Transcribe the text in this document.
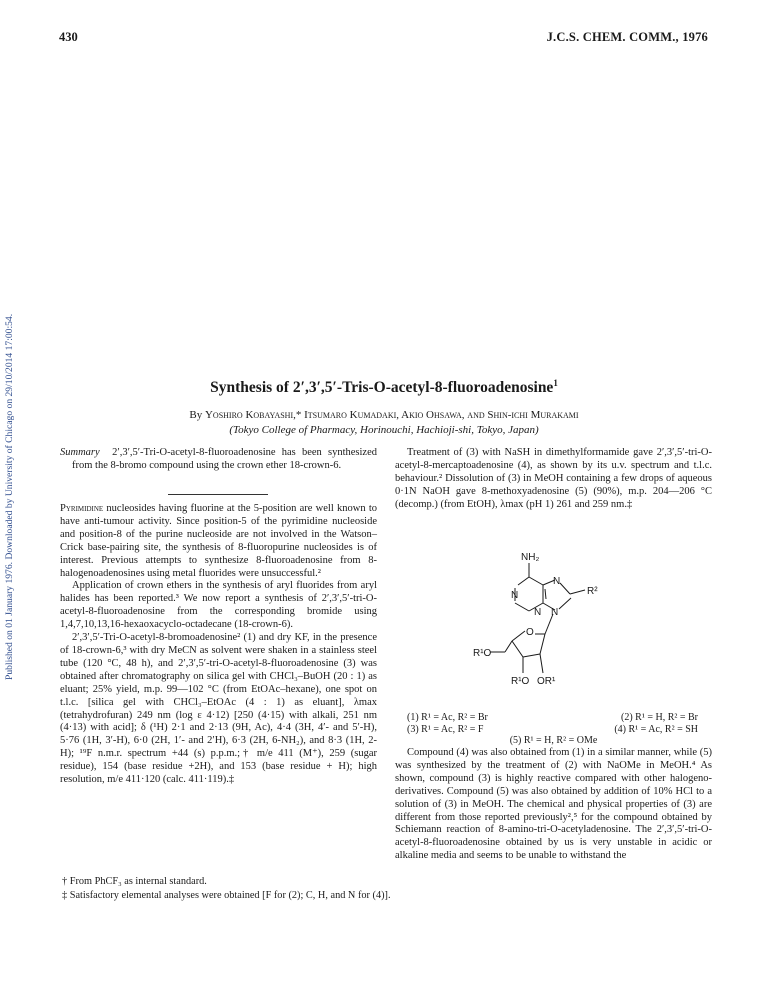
430	J.C.S. CHEM. COMM., 1976
Published on 01 January 1976. Downloaded by University of Chicago on 29/10/2014 17:00:54.	Synthesis of 2′,3′,5′-Tris-O-acetyl-8-fluoroadenosine$^1$
By Yoshiro Kobayashi,* Itsumaro Kumadaki, Akio Ohsawa, and Shin-ichi Murakami
(Tokyo College of Pharmacy, Horinouchi, Hachioji-shi, Tokyo, Japan)
Summary 2′,3′,5′-Tri-O-acetyl-8-fluoroadenosine has been synthesized from the 8-bromo compound using the crown ether 18-crown-6.

Pyrimidine nucleosides having fluorine at the 5-position are well known to have anti-tumour activity. Since position-5 of the pyrimidine nucleoside and position-8 of the purine nucleoside are not involved in the Watson–Crick base-pairing site, the synthesis of 8-fluoropurine nucleosides is of interest. Previous attempts to synthesize 8-fluoroadenosine from 8-halogenoadenosines using metal fluorides were unsuccessful.²

Application of crown ethers in the synthesis of aryl fluorides from aryl halides has been reported.³ We now report a synthesis of 2′,3′,5′-tri-O-acetyl-8-fluoroadenosine from the corresponding bromide using 1,4,7,10,13,16-hexaoxacyclo-octadecane (18-crown-6).

2′,3′,5′-Tri-O-acetyl-8-bromoadenosine² (1) and dry KF, in the presence of 18-crown-6,³ with dry MeCN as solvent were shaken in a stainless steel tube (120 °C, 48 h), and 2′,3′,5′-tri-O-acetyl-8-fluoroadenosine (3) was obtained after chromatography on silica gel with CHCl₃–BuOH (20 : 1) as eluant; 25% yield, m.p. 99—102 °C (from EtOAc–hexane), one spot on t.l.c. [silica gel with CHCl₃–EtOAc (4 : 1) as eluant], λmax (tetrahydrofuran) 249 nm (log ε 4·12) [250 (4·15) with alkali, 251 nm (4·13) with acid]; δ (¹H) 2·1 and 2·13 (9H, Ac), 4·4 (3H, 4′- and 5′-H), 5·76 (1H, 3′-H), 6·0 (2H, 1′- and 2′H), 6·3 (2H, 6-NH₂), and 8·3 (1H, 2-H); ¹⁹F n.m.r. spectrum +44 (s) p.p.m.;† m/e 411 (M⁺), 259 (sugar residue), 154 (base residue +2H), and 153 (base residue + H); high resolution, m/e 411·120 (calc. 411·119).‡

Treatment of (3) with NaSH in dimethylformamide gave 2′,3′,5′-tri-O-acetyl-8-mercaptoadenosine (4), as shown by its u.v. spectrum and t.l.c. behaviour.² Dissolution of (3) in MeOH containing a few drops of aqueous 0·1N NaOH gave 8-methoxyadenosine (5) (90%), m.p. 204—206 °C (decomp.) (from EtOH), λmax (pH 1) 261 and 259 nm.‡

NH₂
N
N
N
N
R²
O
R¹O
R¹O OR¹
(1) R¹ = Ac, R² = Br	(2) R¹ = H, R² = Br
(3) R¹ = Ac, R² = F	(4) R¹ = Ac, R² = SH
(5) R¹ = H, R² = OMe

Compound (4) was also obtained from (1) in a similar manner, while (5) was synthesized by the treatment of (2) with NaOMe in MeOH.⁴ As shown, compound (3) is highly reactive compared with other halogeno-derivatives. Compound (5) was also obtained by addition of 10% HCl to a solution of (3) in MeOH. The chemical and physical properties of (3) are different from those reported previously²,⁵ for the compound obtained by Schiemann reaction of 8-amino-tri-O-acetyladenosine. The 2′,3′,5′-tri-O-acetyl-8-fluoroadenosine obtained by us is very unstable in acidic or alkaline media and seems to be unable to withstand the

† From PhCF₃ as internal standard.
‡ Satisfactory elemental analyses were obtained [F for (2); C, H, and N for (4)].
